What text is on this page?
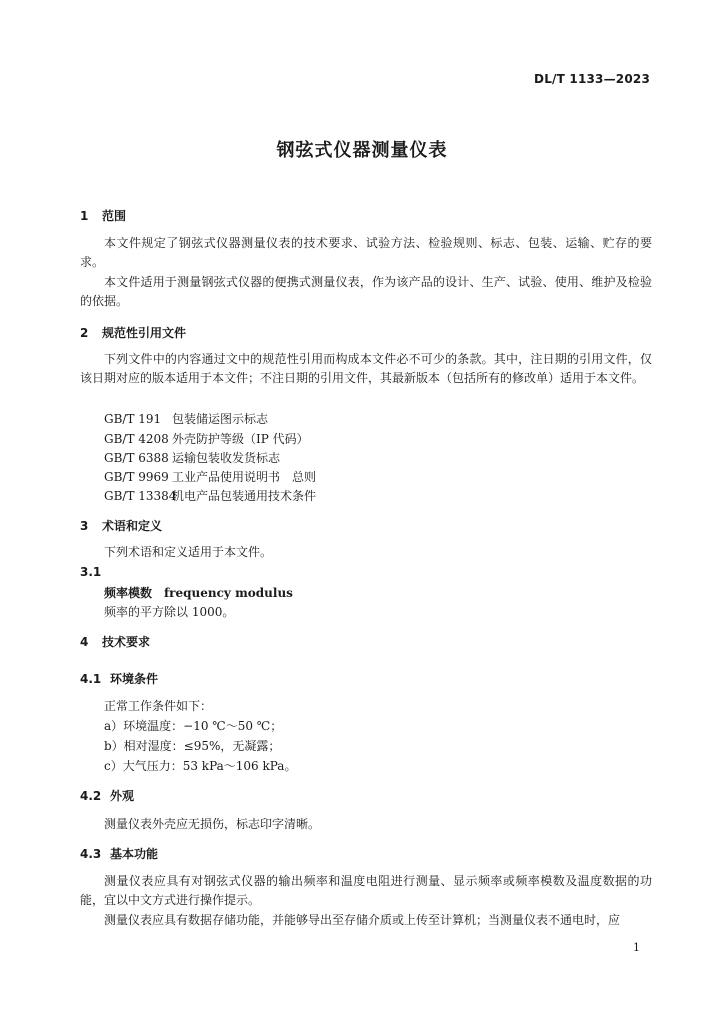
DL/T 1133—2023
钢弦式仪器测量仪表
1 范围
本文件规定了钢弦式仪器测量仪表的技术要求、试验方法、检验规则、标志、包装、运输、贮存的要求。
本文件适用于测量钢弦式仪器的便携式测量仪表，作为该产品的设计、生产、试验、使用、维护及检验的依据。
2 规范性引用文件
下列文件中的内容通过文中的规范性引用而构成本文件必不可少的条款。其中，注日期的引用文件，仅该日期对应的版本适用于本文件；不注日期的引用文件，其最新版本（包括所有的修改单）适用于本文件。
GB/T 191 包装储运图示标志
GB/T 4208 外壳防护等级（IP 代码）
GB/T 6388 运输包装收发货标志
GB/T 9969 工业产品使用说明书　总则
GB/T 13384机电产品包装通用技术条件
3 术语和定义
下列术语和定义适用于本文件。
3.1
频率模数 frequency modulus
频率的平方除以 1000。
4 技术要求
4.1 环境条件
正常工作条件如下：
a）环境温度：−10 ℃～50 ℃；
b）相对湿度：≤95%，无凝露；
c）大气压力：53 kPa～106 kPa。
4.2 外观
测量仪表外壳应无损伤，标志印字清晰。
4.3 基本功能
测量仪表应具有对钢弦式仪器的输出频率和温度电阻进行测量、显示频率或频率模数及温度数据的功能，宜以中文方式进行操作提示。
测量仪表应具有数据存储功能，并能够导出至存储介质或上传至计算机；当测量仪表不通电时，应
1
